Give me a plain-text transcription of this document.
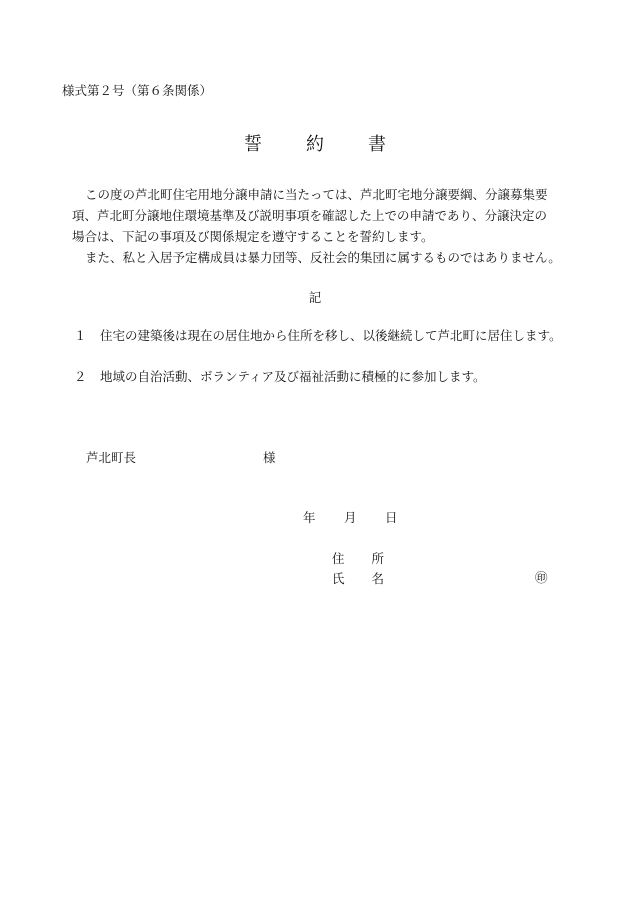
様式第２号（第６条関係）
誓 約 書
この度の芦北町住宅用地分譲申請に当たっては、芦北町宅地分譲要綱、分譲募集要
項、芦北町分譲地住環境基準及び説明事項を確認した上での申請であり、分譲決定の
場合は、下記の事項及び関係規定を遵守することを誓約します。
また、私と入居予定構成員は暴力団等、反社会的集団に属するものではありません。
記
１ 住宅の建築後は現在の居住地から住所を移し、以後継続して芦北町に居住します。
２ 地域の自治活動、ボランティア及び福祉活動に積極的に参加します。
芦北町長	様
年 月 日
住 所
氏 名	㊞
